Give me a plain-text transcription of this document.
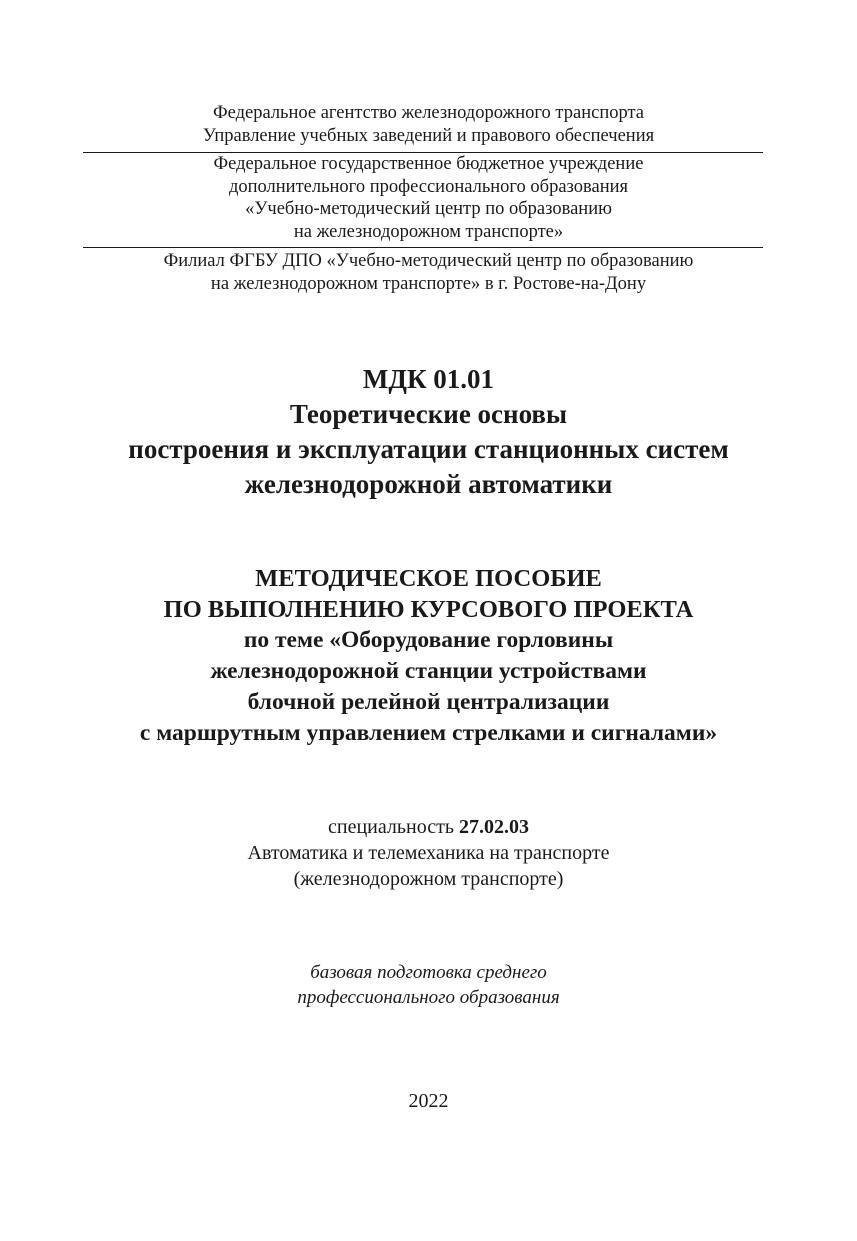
Федеральное агентство железнодорожного транспорта
Управление учебных заведений и правового обеспечения
Федеральное государственное бюджетное учреждение
дополнительного профессионального образования
«Учебно-методический центр по образованию
на железнодорожном транспорте»
Филиал ФГБУ ДПО «Учебно-методический центр по образованию
на железнодорожном транспорте» в г. Ростове-на-Дону
МДК 01.01
Теоретические основы
построения и эксплуатации станционных систем
железнодорожной автоматики
МЕТОДИЧЕСКОЕ ПОСОБИЕ
ПО ВЫПОЛНЕНИЮ КУРСОВОГО ПРОЕКТА
по теме «Оборудование горловины
железнодорожной станции устройствами
блочной релейной централизации
с маршрутным управлением стрелками и сигналами»
специальность 27.02.03
Автоматика и телемеханика на транспорте
(железнодорожном транспорте)
базовая подготовка среднего
профессионального образования
2022
